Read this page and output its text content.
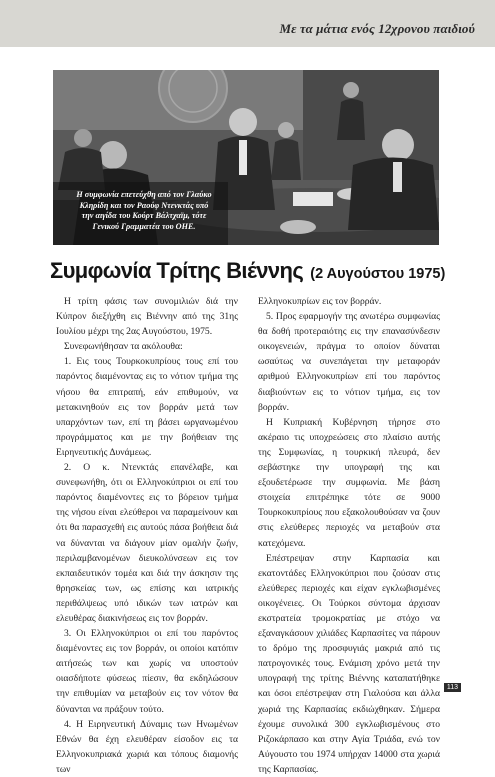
Με τα μάτια ενός 12χρονου παιδιού
Η συμφωνία επετεύχθη από τον Γλαύκο Κληρίδη και τον Ραούφ Ντενκτάς υπό την αιγίδα του Κούρτ Βάλτχαϊμ, τότε Γενικού Γραμματέα του ΟΗΕ.
Συμφωνία Τρίτης Βιέννης (2 Αυγούστου 1975)

Η τρίτη φάσις των συνομιλιών διά την Κύπρον διεξήχθη εις Βιέννην από της 31ης Ιουλίου μέχρι της 2ας Αυγούστου, 1975.

Συνεφωνήθησαν τα ακόλουθα:

1. Εις τους Τουρκοκυπρίους τους επί του παρόντος διαμένοντας εις το νότιον τμήμα της νήσου θα επιτραπή, εάν επιθυμούν, να μετακινηθούν εις τον βορράν μετά των υπαρχόντων των, επί τη βάσει ωργανωμένου προγράμματος και με την βοήθειαν της Ειρηνευτικής Δυνάμεως.

2. Ο κ. Ντενκτάς επανέλαβε, και συνεφωνήθη, ότι οι Ελληνοκύπριοι οι επί του παρόντος διαμένοντες εις το βόρειον τμήμα της νήσου είναι ελεύθεροι να παραμείνουν και ότι θα παρασχεθή εις αυτούς πάσα βοήθεια διά να δύνανται να διάγουν μίαν ομαλήν ζωήν, περιλαμβανομένων διευκολύνσεων εις τον εκπαιδευτικόν τομέα και διά την άσκησιν της θρησκείας των, ως επίσης και ιατρικής περιθάλψεως υπό ιδικών των ιατρών και ελευθέρας διακινήσεως εις τον βορράν.

3. Οι Ελληνοκύπριοι οι επί του παρόντος διαμένοντες εις τον βορράν, οι οποίοι κατόπιν αιτήσεώς των και χωρίς να υποστούν οιασδήποτε φύσεως πίεσιν, θα εκδηλώσουν την επιθυμίαν να μεταβούν εις τον νότον θα δύνανται να πράξουν τούτο.

4. Η Ειρηνευτική Δύναμις των Ηνωμένων Εθνών θα έχη ελευθέραν είσοδον εις τα Ελληνοκυπριακά χωριά και τόπους διαμονής των

Ελληνοκυπρίων εις τον βορράν.

5. Προς εφαρμογήν της ανωτέρω συμφωνίας θα δοθή προτεραιότης εις την επανασύνδεσιν οικογενειών, πράγμα το οποίον δύναται ωσαύτως να συνεπάγεται την μεταφοράν αριθμού Ελληνοκυπρίων επί του παρόντος διαβιούντων εις το νότιον τμήμα, εις τον βορράν.

Η Κυπριακή Κυβέρνηση τήρησε στο ακέραιο τις υποχρεώσεις στο πλαίσιο αυτής της Συμφωνίας, η τουρκική πλευρά, δεν σεβάστηκε την υπογραφή της και εξουδετέρωσε την συμφωνία. Με βάση στοιχεία επιτρέπηκε τότε σε 9000 Τουρκοκυπρίους που εξακολουθούσαν να ζουν στις ελεύθερες περιοχές να μεταβούν στα κατεχόμενα.

Επέστρεψαν στην Καρπασία και εκατοντάδες Ελληνοκύπριοι που ζούσαν στις ελεύθερες περιοχές και είχαν εγκλωβισμένες οικογένειες. Οι Τούρκοι σύντομα άρχισαν εκστρατεία τρομοκρατίας με στόχο να εξαναγκάσουν χιλιάδες Καρπασίτες να πάρουν το δρόμο της προσφυγιάς μακριά από τις πατρογονικές τους. Ενάμιση χρόνο μετά την υπογραφή της τρίτης Βιέννης καταπατήθηκε και όσοι επέστρεψαν στη Γιαλούσα και άλλα χωριά της Καρπασίας εκδιώχθηκαν. Σήμερα έχουμε συνολικά 300 εγκλωβισμένους στο Ριζοκάρπασο και στην Αγία Τριάδα, ενώ τον Αύγουστο του 1974 υπήρχαν 14000 στα χωριά της Καρπασίας.

113
